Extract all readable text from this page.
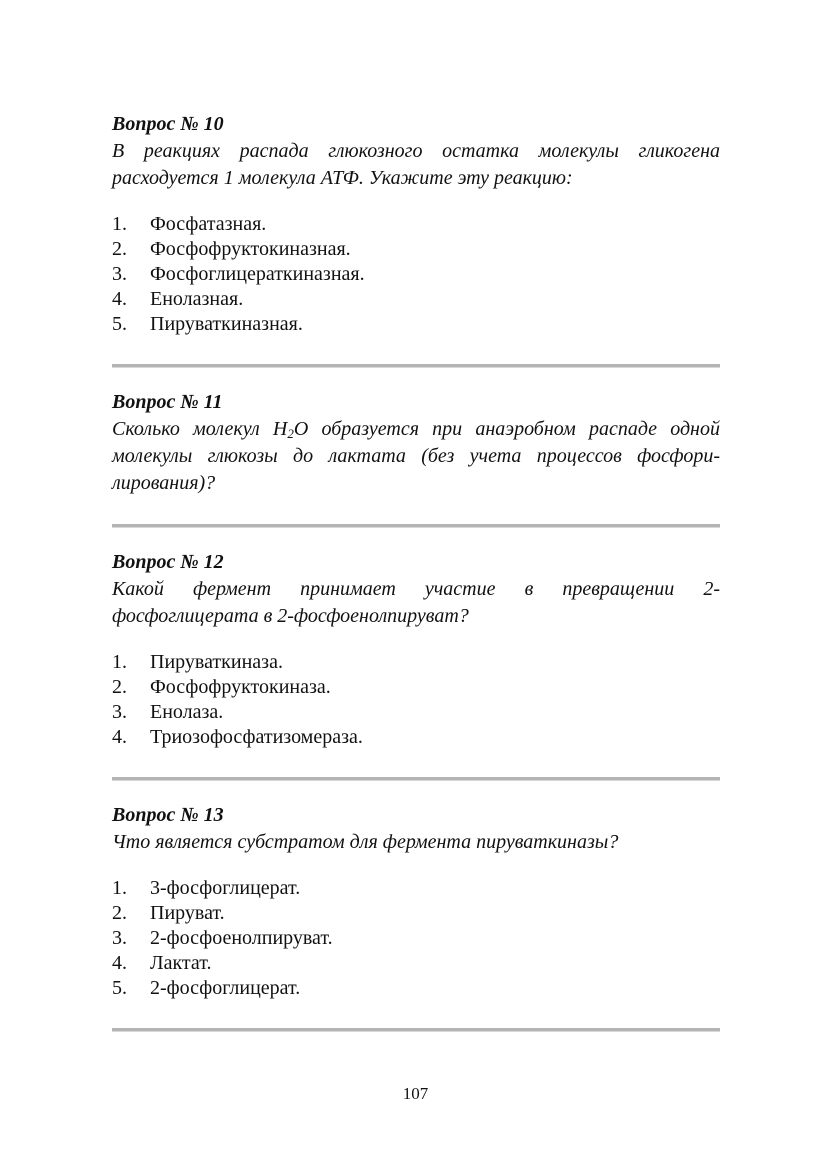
Вопрос № 10

В реакциях распада глюкозного остатка молекулы гликогена
расходуется 1 молекула АТФ. Укажите эту реакцию:

1.	Фосфатазная.
2.	Фосфофруктокиназная.
3.	Фосфоглицераткиназная.
4.	Енолазная.
5.	Пируваткиназная.

Вопрос № 11

Сколько молекул $H_2O$ образуется при анаэробном распаде одной
молекулы глюкозы до лактата (без учета процессов фосфори-
лирования)?

Вопрос № 12

Какой фермент принимает участие в превращении 2-
фосфоглицерата в 2-фосфоенолпируват?

1.	Пируваткиназа.
2.	Фосфофруктокиназа.
3.	Енолаза.
4.	Триозофосфатизомераза.

Вопрос № 13

Что является субстратом для фермента пируваткиназы?

1.	3-фосфоглицерат.
2.	Пируват.
3.	2-фосфоенолпируват.
4.	Лактат.
5.	2-фосфоглицерат.
107
